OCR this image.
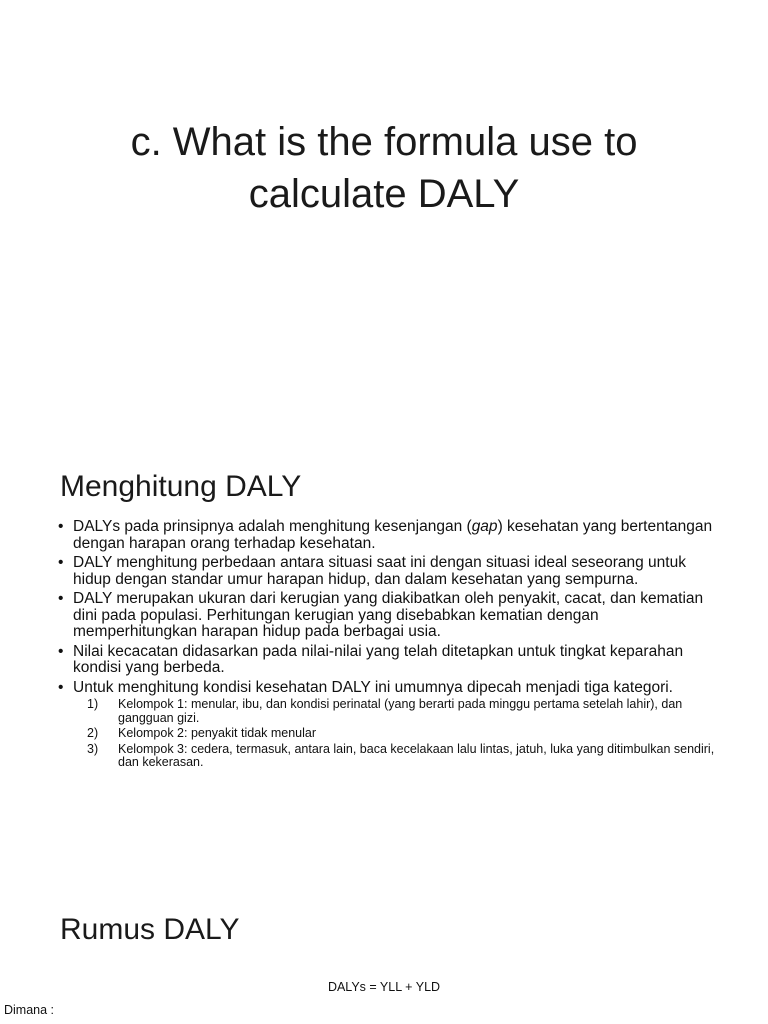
c. What is the formula use to calculate DALY
Menghitung DALY
• DALYs pada prinsipnya adalah menghitung kesenjangan (gap) kesehatan yang bertentangan dengan harapan orang terhadap kesehatan.
• DALY menghitung perbedaan antara situasi saat ini dengan situasi ideal seseorang untuk hidup dengan standar umur harapan hidup, dan dalam kesehatan yang sempurna.
• DALY merupakan ukuran dari kerugian yang diakibatkan oleh penyakit, cacat, dan kematian dini pada populasi. Perhitungan kerugian yang disebabkan kematian dengan memperhitungkan harapan hidup pada berbagai usia.
• Nilai kecacatan didasarkan pada nilai-nilai yang telah ditetapkan untuk tingkat keparahan kondisi yang berbeda.
• Untuk menghitung kondisi kesehatan DALY ini umumnya dipecah menjadi tiga kategori.
1) Kelompok 1: menular, ibu, dan kondisi perinatal (yang berarti pada minggu pertama setelah lahir), dan gangguan gizi.
2) Kelompok 2: penyakit tidak menular
3) Kelompok 3: cedera, termasuk, antara lain, baca kecelakaan lalu lintas, jatuh, luka yang ditimbulkan sendiri, dan kekerasan.
Rumus DALY
DALYs = YLL + YLD
Dimana :
